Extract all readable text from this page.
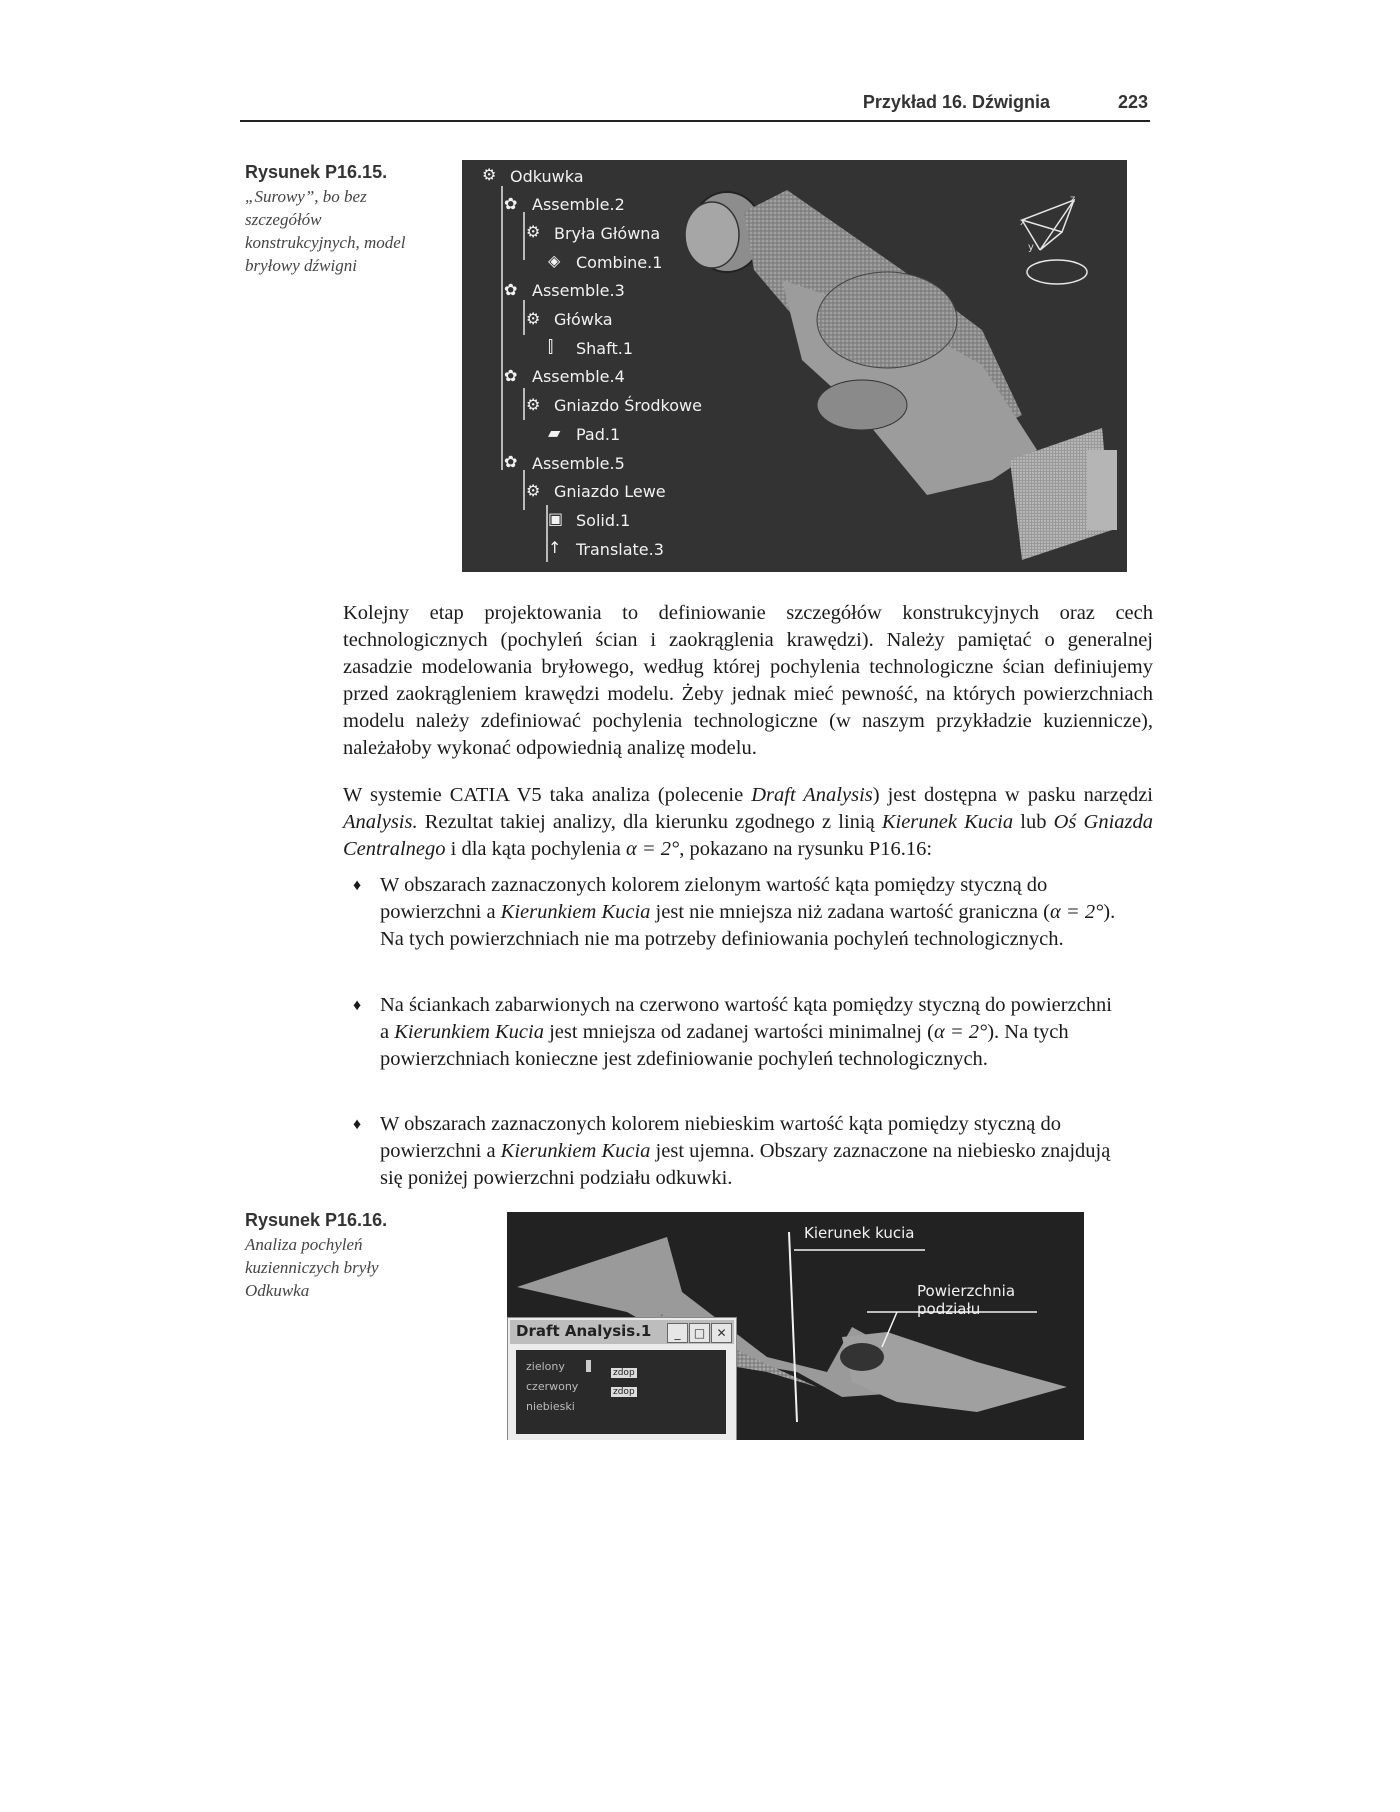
Przykład 16. Dźwignia	223
Rysunek P16.15.
„Surowy”, bo bez szczegółów konstrukcyjnych, model bryłowy dźwigni
z
x
y
⚙ Odkuwka
✿ Assemble.2
⚙ Bryła Główna
◈ Combine.1
✿ Assemble.3
⚙ Główka
⫿	Shaft.1
✿ Assemble.4
⚙ Gniazdo Środkowe
▰ Pad.1
✿ Assemble.5
⚙ Gniazdo Lewe
▣ Solid.1
↑ Translate.3
Kolejny etap projektowania to definiowanie szczegółów konstrukcyjnych oraz cech technologicznych (pochyleń ścian i zaokrąglenia krawędzi). Należy pamiętać o generalnej zasadzie modelowania bryłowego, według której pochylenia technologiczne ścian definiujemy przed zaokrągleniem krawędzi modelu. Żeby jednak mieć pewność, na których powierzchniach modelu należy zdefiniować pochylenia technologiczne (w naszym przykładzie kuziennicze), należałoby wykonać odpowiednią analizę modelu.
W systemie CATIA V5 taka analiza (polecenie Draft Analysis) jest dostępna w pasku narzędzi Analysis. Rezultat takiej analizy, dla kierunku zgodnego z linią Kierunek Kucia lub Oś Gniazda Centralnego i dla kąta pochylenia α = 2°, pokazano na rysunku P16.16:
♦ W obszarach zaznaczonych kolorem zielonym wartość kąta pomiędzy styczną do powierzchni a Kierunkiem Kucia jest nie mniejsza niż zadana wartość graniczna (α = 2°). Na tych powierzchniach nie ma potrzeby definiowania pochyleń technologicznych.
♦ Na ściankach zabarwionych na czerwono wartość kąta pomiędzy styczną do powierzchni a Kierunkiem Kucia jest mniejsza od zadanej wartości minimalnej (α = 2°). Na tych powierzchniach konieczne jest zdefiniowanie pochyleń technologicznych.
♦ W obszarach zaznaczonych kolorem niebieskim wartość kąta pomiędzy styczną do powierzchni a Kierunkiem Kucia jest ujemna. Obszary zaznaczone na niebiesko znajdują się poniżej powierzchni podziału odkuwki.
Rysunek P16.16.
Analiza pochyleń kuzienniczych bryły Odkuwka
Kierunek kucia
Powierzchnia
podziału
Draft Analysis.1	_	□ ✕
zielony
czerwony
zdop
niebieski
zdop
